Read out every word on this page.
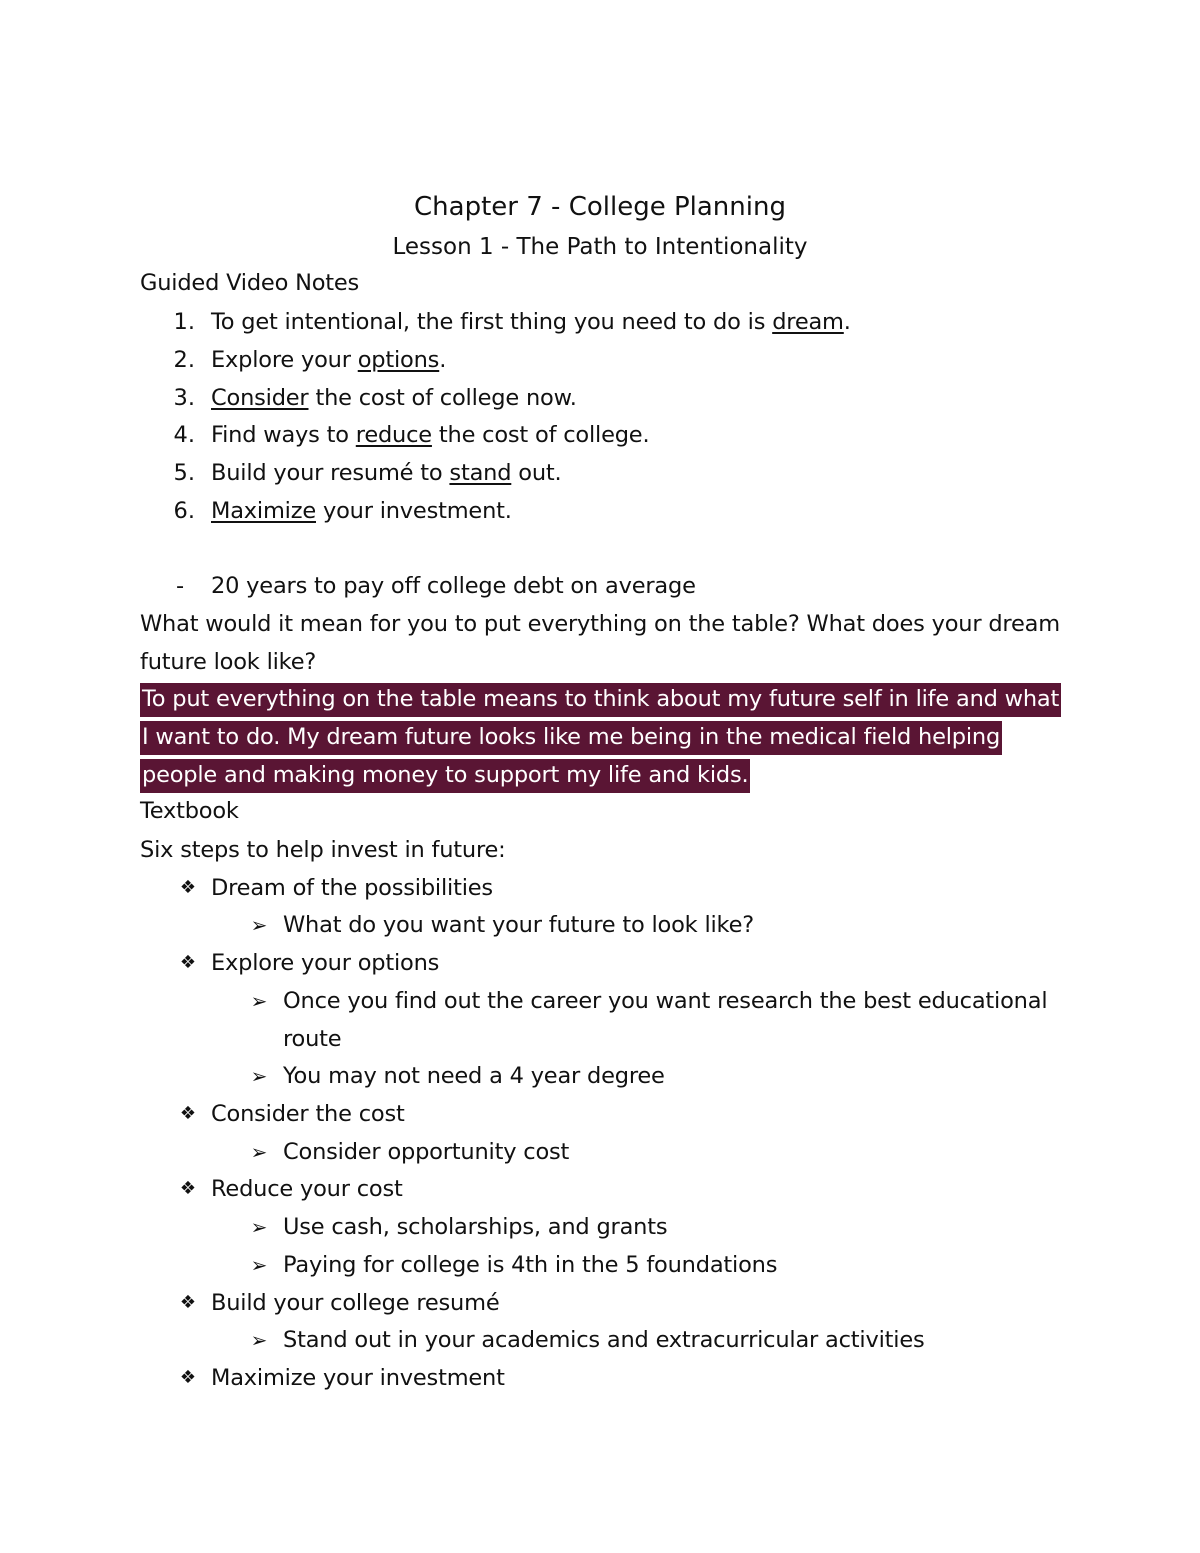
Chapter 7 - College Planning
Lesson 1 - The Path to Intentionality
Guided Video Notes
1. To get intentional, the first thing you need to do is dream.
2. Explore your options.
3. Consider the cost of college now.
4. Find ways to reduce the cost of college.
5. Build your resumé to stand out.
6. Maximize your investment.
- 20 years to pay off college debt on average
What would it mean for you to put everything on the table? What does your dream
future look like?
To put everything on the table means to think about my future self in life and what
I want to do. My dream future looks like me being in the medical field helping
people and making money to support my life and kids.
Textbook
Six steps to help invest in future:
❖ Dream of the possibilities
➢ What do you want your future to look like?
❖ Explore your options
➢ Once you find out the career you want research the best educational
route
➢ You may not need a 4 year degree
❖ Consider the cost
➢ Consider opportunity cost
❖ Reduce your cost
➢ Use cash, scholarships, and grants
➢ Paying for college is 4th in the 5 foundations
❖ Build your college resumé
➢ Stand out in your academics and extracurricular activities
❖ Maximize your investment
